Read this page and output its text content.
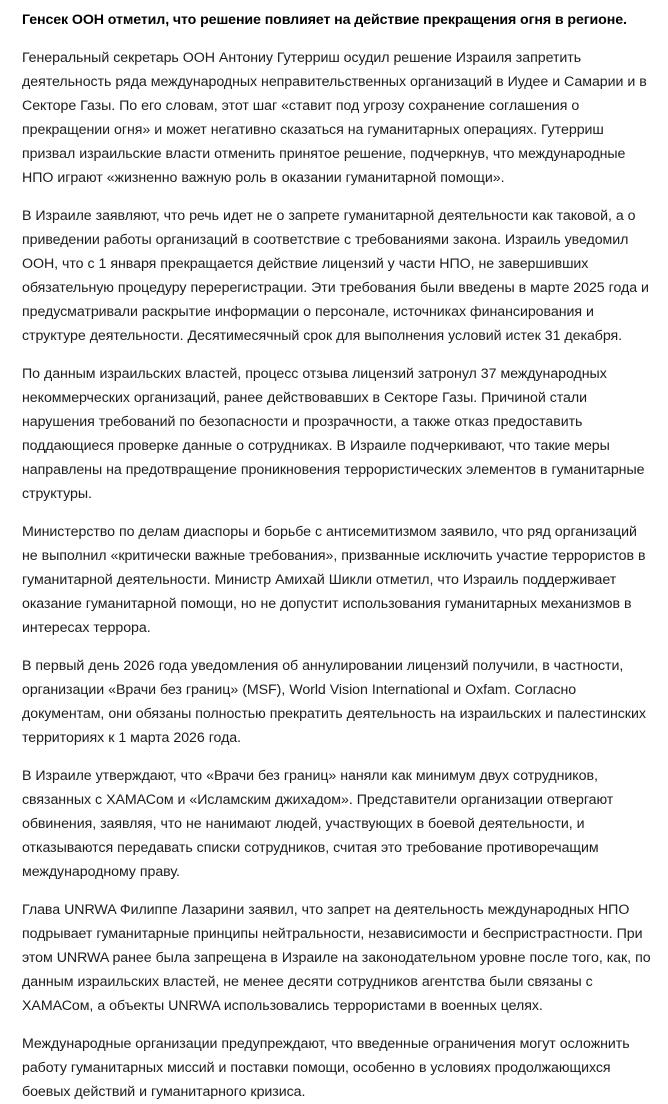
Генсек ООН отметил, что решение повлияет на действие прекращения огня в регионе.

Генеральный секретарь ООН Антониу Гутерриш осудил решение Израиля запретить деятельность ряда международных неправительственных организаций в Иудее и Самарии и в Секторе Газы. По его словам, этот шаг «ставит под угрозу сохранение соглашения о прекращении огня» и может негативно сказаться на гуманитарных операциях. Гутерриш призвал израильские власти отменить принятое решение, подчеркнув, что международные НПО играют «жизненно важную роль в оказании гуманитарной помощи».

В Израиле заявляют, что речь идет не о запрете гуманитарной деятельности как таковой, а о приведении работы организаций в соответствие с требованиями закона. Израиль уведомил ООН, что с 1 января прекращается действие лицензий у части НПО, не завершивших обязательную процедуру перерегистрации. Эти требования были введены в марте 2025 года и предусматривали раскрытие информации о персонале, источниках финансирования и структуре деятельности. Десятимесячный срок для выполнения условий истек 31 декабря.

По данным израильских властей, процесс отзыва лицензий затронул 37 международных некоммерческих организаций, ранее действовавших в Секторе Газы. Причиной стали нарушения требований по безопасности и прозрачности, а также отказ предоставить поддающиеся проверке данные о сотрудниках. В Израиле подчеркивают, что такие меры направлены на предотвращение проникновения террористических элементов в гуманитарные структуры.

Министерство по делам диаспоры и борьбе с антисемитизмом заявило, что ряд организаций не выполнил «критически важные требования», призванные исключить участие террористов в гуманитарной деятельности. Министр Амихай Шикли отметил, что Израиль поддерживает оказание гуманитарной помощи, но не допустит использования гуманитарных механизмов в интересах террора.

В первый день 2026 года уведомления об аннулировании лицензий получили, в частности, организации «Врачи без границ» (MSF), World Vision International и Oxfam. Согласно документам, они обязаны полностью прекратить деятельность на израильских и палестинских территориях к 1 марта 2026 года.

В Израиле утверждают, что «Врачи без границ» наняли как минимум двух сотрудников, связанных с ХАМАСом и «Исламским джихадом». Представители организации отвергают обвинения, заявляя, что не нанимают людей, участвующих в боевой деятельности, и отказываются передавать списки сотрудников, считая это требование противоречащим международному праву.

Глава UNRWA Филиппе Лазарини заявил, что запрет на деятельность международных НПО подрывает гуманитарные принципы нейтральности, независимости и беспристрастности. При этом UNRWA ранее была запрещена в Израиле на законодательном уровне после того, как, по данным израильских властей, не менее десяти сотрудников агентства были связаны с ХАМАСом, а объекты UNRWA использовались террористами в военных целях.

Международные организации предупреждают, что введенные ограничения могут осложнить работу гуманитарных миссий и поставки помощи, особенно в условиях продолжающихся боевых действий и гуманитарного кризиса.
